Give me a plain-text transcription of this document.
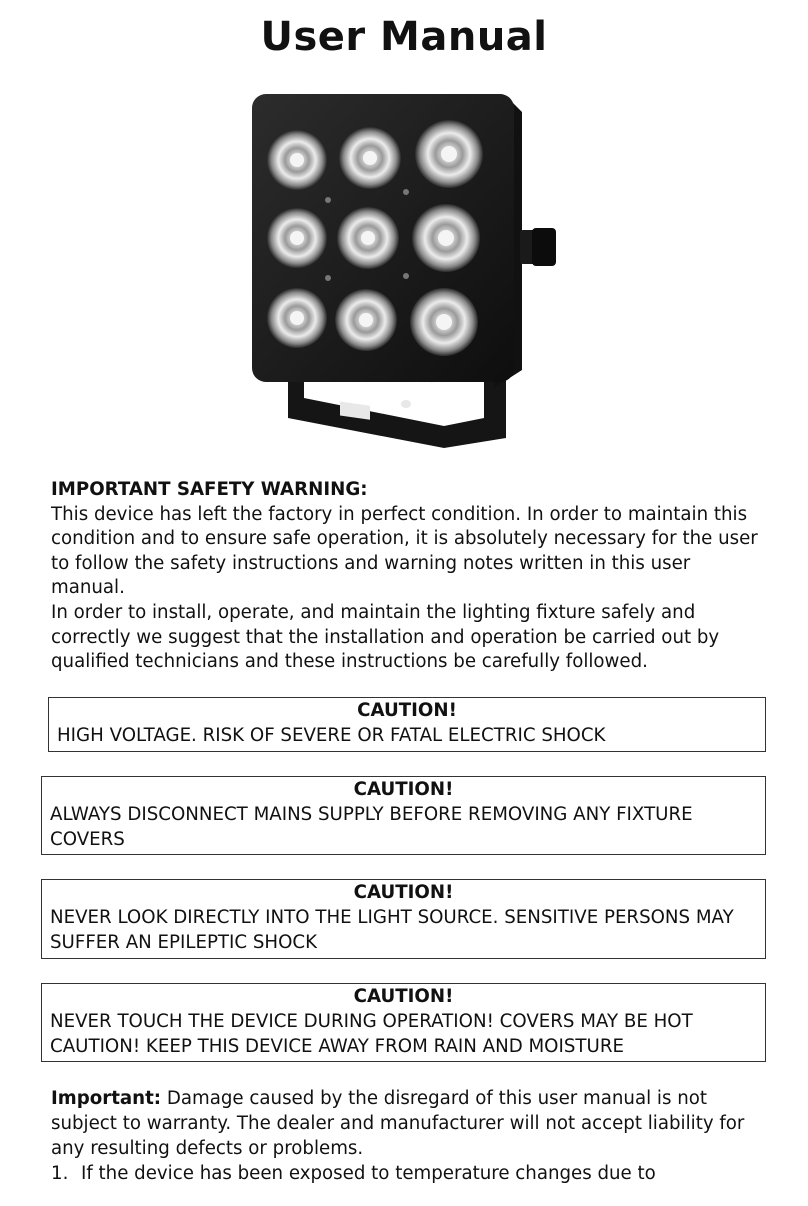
User Manual
IMPORTANT SAFETY WARNING:
This device has left the factory in perfect condition. In order to maintain this condition and to ensure safe operation, it is absolutely necessary for the user to follow the safety instructions and warning notes written in this user manual.
In order to install, operate, and maintain the lighting fixture safely and correctly we suggest that the installation and operation be carried out by qualified technicians and these instructions be carefully followed.
CAUTION!
HIGH VOLTAGE. RISK OF SEVERE OR FATAL ELECTRIC SHOCK
CAUTION!
ALWAYS DISCONNECT MAINS SUPPLY BEFORE REMOVING ANY FIXTURE COVERS
CAUTION!
NEVER LOOK DIRECTLY INTO THE LIGHT SOURCE. SENSITIVE PERSONS MAY SUFFER AN EPILEPTIC SHOCK
CAUTION!
NEVER TOUCH THE DEVICE DURING OPERATION! COVERS MAY BE HOT
CAUTION! KEEP THIS DEVICE AWAY FROM RAIN AND MOISTURE
Important: Damage caused by the disregard of this user manual is not subject to warranty. The dealer and manufacturer will not accept liability for any resulting defects or problems.
1. If the device has been exposed to temperature changes due to
